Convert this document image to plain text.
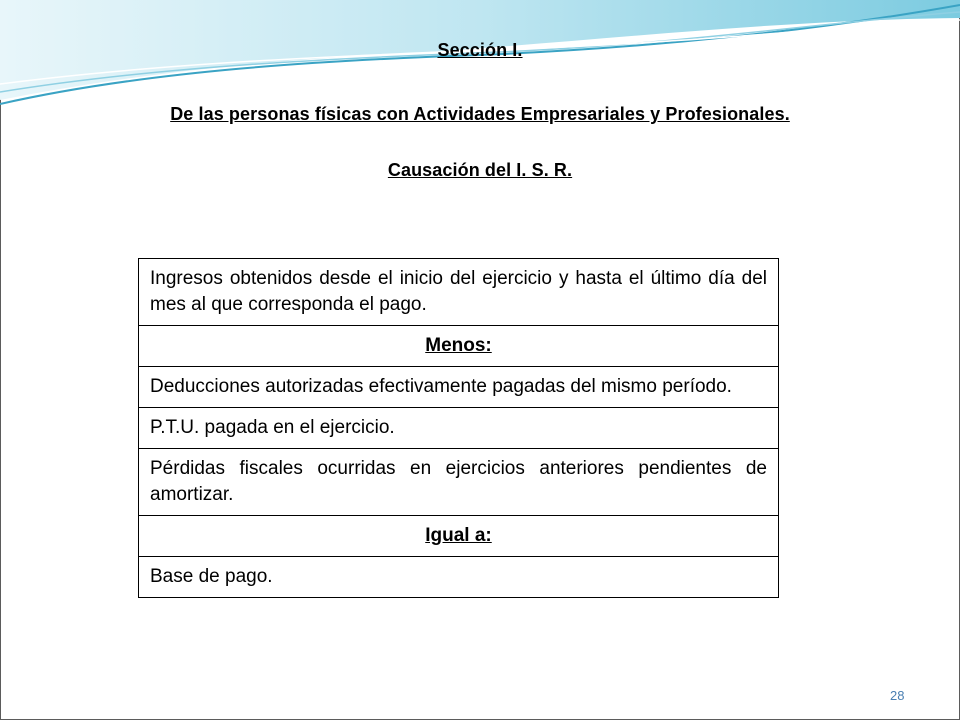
Sección I.
De las personas físicas con Actividades Empresariales y Profesionales.
Causación del I. S. R.
Ingresos obtenidos desde el inicio del ejercicio y hasta el último día del mes al que corresponda el pago.
Menos:
Deducciones autorizadas efectivamente pagadas del mismo período.
P.T.U. pagada en el ejercicio.
Pérdidas fiscales ocurridas en ejercicios anteriores pendientes de amortizar.
Igual a:
Base de pago.
28
